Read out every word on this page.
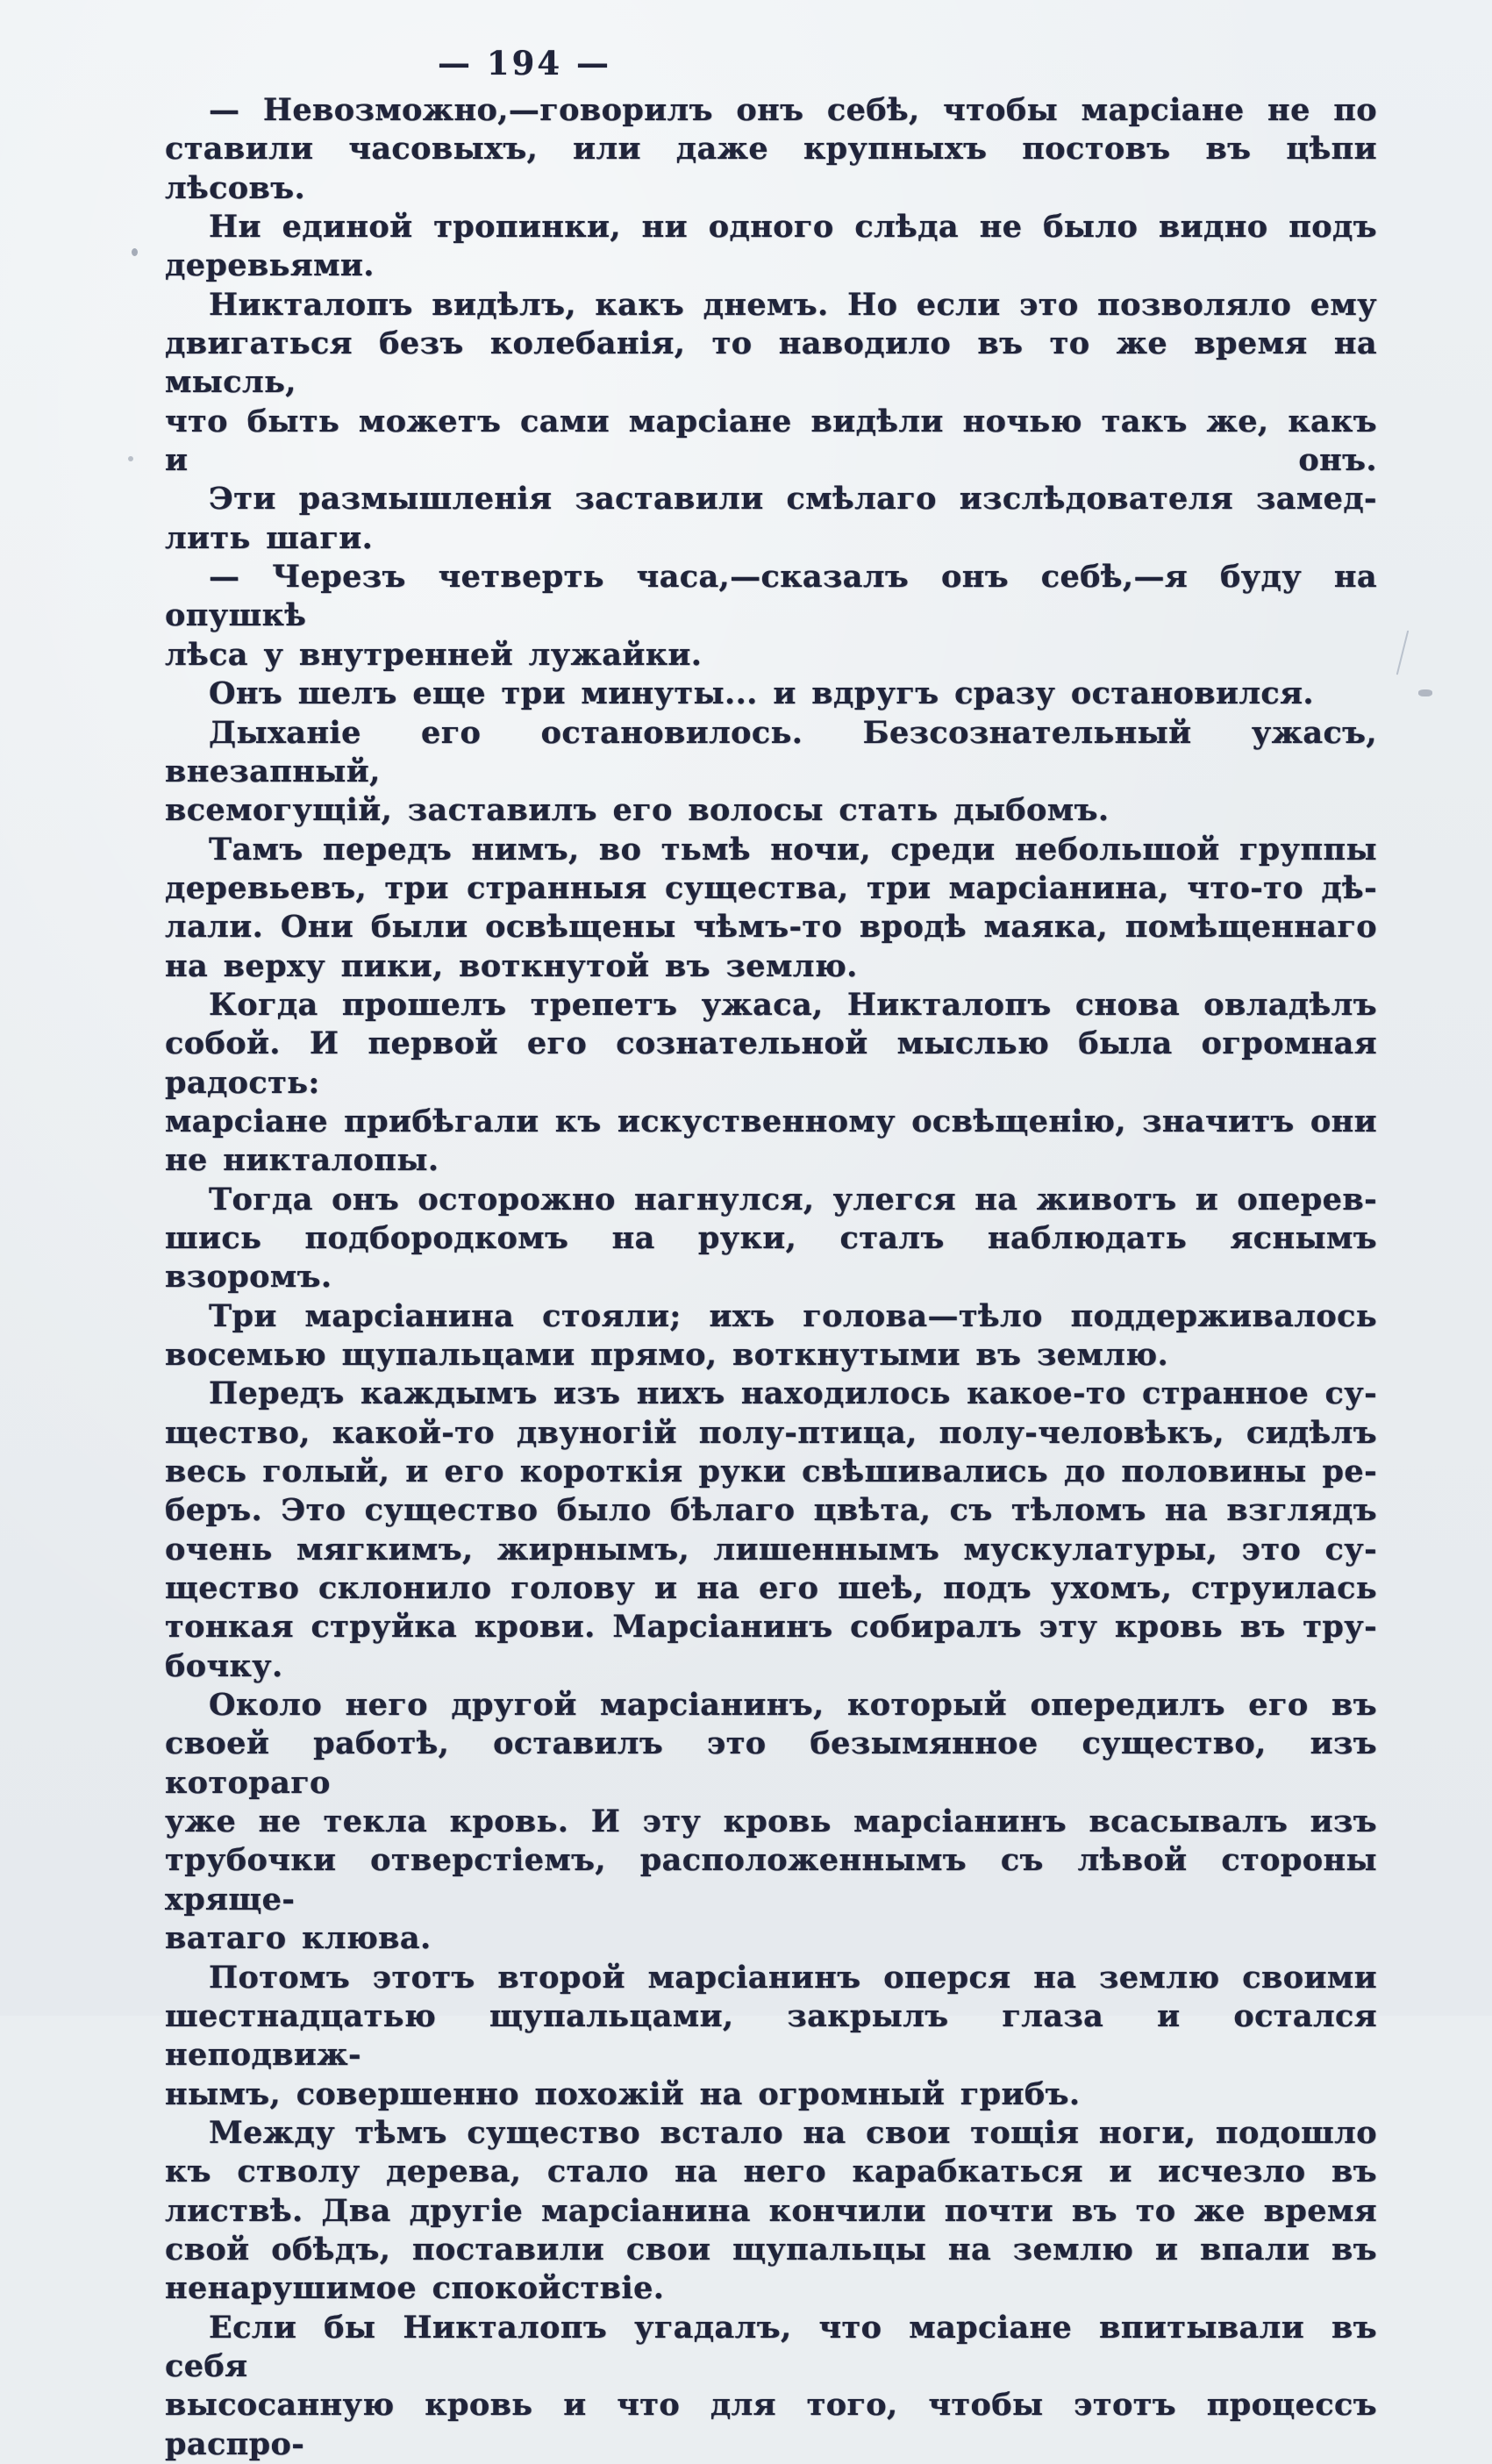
— 194 —
— Невозможно,—говорилъ онъ себѣ, чтобы марсіане не по
ставили часовыхъ, или даже крупныхъ постовъ въ цѣпи лѣсовъ.
Ни единой тропинки, ни одного слѣда не было видно подъ
деревьями.
Никталопъ видѣлъ, какъ днемъ. Но если это позволяло ему
двигаться безъ колебанія, то наводило въ то же время на мысль,
что быть можетъ сами марсіане видѣли ночью такъ же, какъ и онъ.
Эти размышленія заставили смѣлаго изслѣдователя замед-
лить шаги.
— Черезъ четверть часа,—сказалъ онъ себѣ,—я буду на опушкѣ
лѣса у внутренней лужайки.
Онъ шелъ еще три минуты... и вдругъ сразу остановился.
Дыханіе его остановилось. Безсознательный ужасъ, внезапный,
всемогущій, заставилъ его волосы стать дыбомъ.
Тамъ передъ нимъ, во тьмѣ ночи, среди небольшой группы
деревьевъ, три странныя существа, три марсіанина, что-то дѣ-
лали. Они были освѣщены чѣмъ-то вродѣ маяка, помѣщеннаго
на верху пики, воткнутой въ землю.
Когда прошелъ трепетъ ужаса, Никталопъ снова овладѣлъ
собой. И первой его сознательной мыслью была огромная радость:
марсіане прибѣгали къ искуственному освѣщенію, значитъ они
не никталопы.
Тогда онъ осторожно нагнулся, улегся на животъ и оперев-
шись подбородкомъ на руки, сталъ наблюдать яснымъ взоромъ.
Три марсіанина стояли; ихъ голова—тѣло поддерживалось
восемью щупальцами прямо, воткнутыми въ землю.
Передъ каждымъ изъ нихъ находилось какое-то странное су-
щество, какой-то двуногій полу-птица, полу-человѣкъ, сидѣлъ
весь голый, и его короткія руки свѣшивались до половины ре-
беръ. Это существо было бѣлаго цвѣта, съ тѣломъ на взглядъ
очень мягкимъ, жирнымъ, лишеннымъ мускулатуры, это су-
щество склонило голову и на его шеѣ, подъ ухомъ, струилась
тонкая струйка крови. Марсіанинъ собиралъ эту кровь въ тру-
бочку.
Около него другой марсіанинъ, который опередилъ его въ
своей работѣ, оставилъ это безымянное существо, изъ котораго
уже не текла кровь. И эту кровь марсіанинъ всасывалъ изъ
трубочки отверстіемъ, расположеннымъ съ лѣвой стороны хряще-
ватаго клюва.
Потомъ этотъ второй марсіанинъ оперся на землю своими
шестнадцатью щупальцами, закрылъ глаза и остался неподвиж-
нымъ, совершенно похожій на огромный грибъ.
Между тѣмъ существо встало на свои тощія ноги, подошло
къ стволу дерева, стало на него карабкаться и исчезло въ
листвѣ. Два другіе марсіанина кончили почти въ то же время
свой обѣдъ, поставили свои щупальцы на землю и впали въ
ненарушимое спокойствіе.
Если бы Никталопъ угадалъ, что марсіане впитывали въ себя
высосанную кровь и что для того, чтобы этотъ процессъ распро-
